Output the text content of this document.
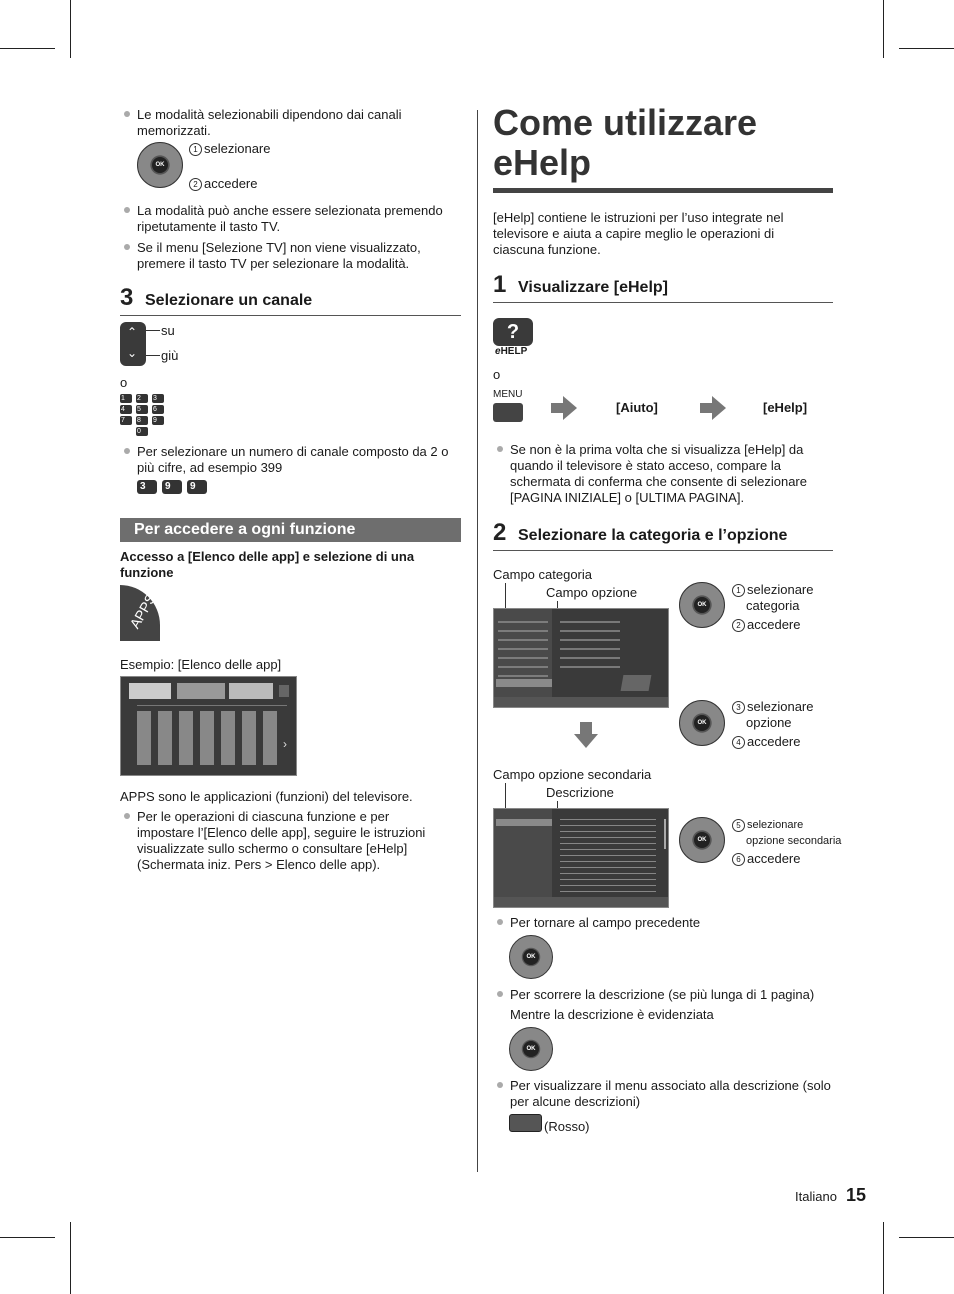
Le modalità selezionabili dipendono dai canali memorizzati.
OK
1 selezionare
2 accedere
La modalità può anche essere selezionata premendo ripetutamente il tasto TV.
Se il menu [Selezione TV] non viene visualizzato, premere il tasto TV per selezionare la modalità.
3 Selezionare un canale
⌃
⌄
su
giù
o
1	2	3
4	5	6
7	8	9
0
Per selezionare un numero di canale composto da 2 o più cifre, ad esempio 399
3	9	9
Per accedere a ogni funzione
Accesso a [Elenco delle app] e selezione di una funzione
APPS
Esempio: [Elenco delle app]
›
APPS sono le applicazioni (funzioni) del televisore.
Per le operazioni di ciascuna funzione e per impostare l’[Elenco delle app], seguire le istruzioni visualizzate sullo schermo o consultare [eHelp] (Schermata iniz. Pers > Elenco delle app).
Come utilizzare
eHelp
[eHelp] contiene le istruzioni per l’uso integrate nel televisore e aiuta a capire meglio le operazioni di ciascuna funzione.
1 Visualizzare [eHelp]
?
eHELP
o
MENU
[Aiuto]	[eHelp]
Se non è la prima volta che si visualizza [eHelp] da quando il televisore è stato acceso, compare la schermata di conferma che consente di selezionare [PAGINA INIZIALE] o [ULTIMA PAGINA].
2 Selezionare la categoria e l’opzione
Campo categoria
Campo opzione
Campo opzione secondaria
Descrizione
OK
1 selezionare
categoria
2 accedere
OK
3 selezionare
opzione
4 accedere
OK
5 selezionare
opzione secondaria
6 accedere
Per tornare al campo precedente
OK
Per scorrere la descrizione (se più lunga di 1 pagina)
Mentre la descrizione è evidenziata
OK
Per visualizzare il menu associato alla descrizione (solo per alcune descrizioni)
(Rosso)
Italiano 15
